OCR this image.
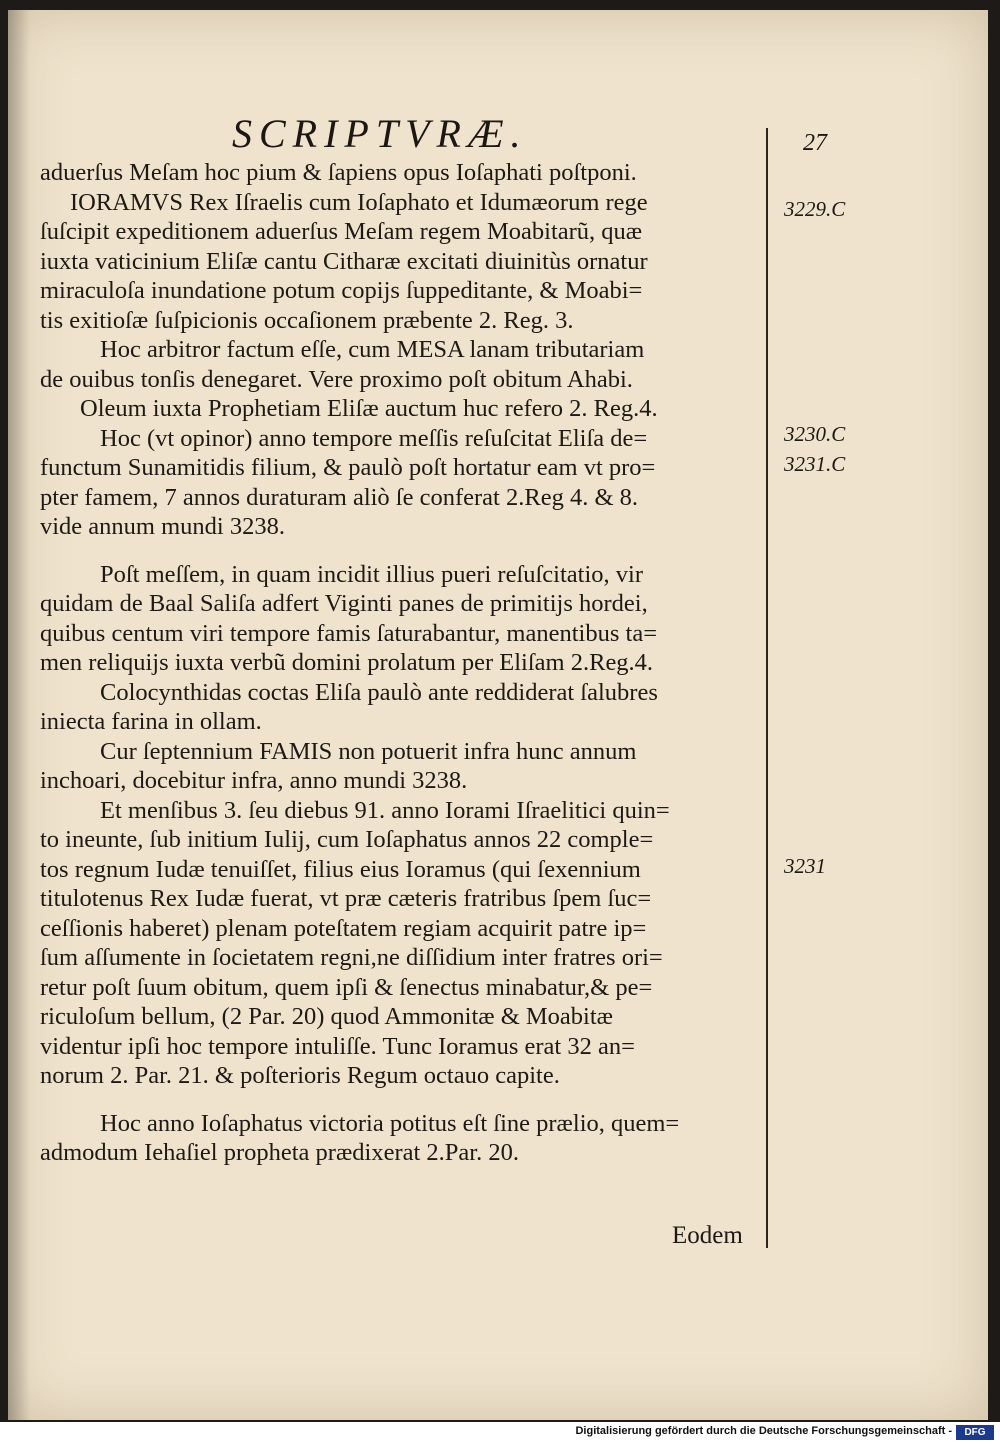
SCRIPTVRÆ.	27
aduerſus Meſam hoc pium & ſapiens opus Ioſaphati poſtponi.
IORAMVS Rex Iſraelis cum Ioſaphato et Idumæorum rege
ſuſcipit expeditionem aduerſus Meſam regem Moabitarũ, quæ
iuxta vaticinium Eliſæ cantu Citharæ excitati diuinitùs ornatur
miraculoſa inundatione potum copijs ſuppeditante, & Moabi=
tis exitioſæ ſuſpicionis occaſionem præbente 2. Reg. 3.
Hoc arbitror factum eſſe, cum MESA lanam tributariam
de ouibus tonſis denegaret. Vere proximo poſt obitum Ahabi.
Oleum iuxta Prophetiam Eliſæ auctum huc refero 2. Reg.4.
Hoc (vt opinor) anno tempore meſſis reſuſcitat Eliſa de=
functum Sunamitidis filium, & paulò poſt hortatur eam vt pro=
pter famem, 7 annos duraturam aliò ſe conferat 2.Reg 4. & 8.
vide annum mundi 3238.
Poſt meſſem, in quam incidit illius pueri reſuſcitatio, vir
quidam de Baal Saliſa adfert Viginti panes de primitijs hordei,
quibus centum viri tempore famis ſaturabantur, manentibus ta=
men reliquijs iuxta verbũ domini prolatum per Eliſam 2.Reg.4.
Colocynthidas coctas Eliſa paulò ante reddiderat ſalubres
iniecta farina in ollam.
Cur ſeptennium FAMIS non potuerit infra hunc annum
inchoari, docebitur infra, anno mundi 3238.
Et menſibus 3. ſeu diebus 91. anno Iorami Iſraelitici quin=
to ineunte, ſub initium Iulij, cum Ioſaphatus annos 22 comple=
tos regnum Iudæ tenuiſſet, filius eius Ioramus (qui ſexennium
titulotenus Rex Iudæ fuerat, vt præ cæteris fratribus ſpem ſuc=
ceſſionis haberet) plenam poteſtatem regiam acquirit patre ip=
ſum aſſumente in ſocietatem regni,ne diſſidium inter fratres ori=
retur poſt ſuum obitum, quem ipſi & ſenectus minabatur,& pe=
riculoſum bellum, (2 Par. 20) quod Ammonitæ & Moabitæ
videntur ipſi hoc tempore intuliſſe. Tunc Ioramus erat 32 an=
norum 2. Par. 21. & poſterioris Regum octauo capite.
Hoc anno Ioſaphatus victoria potitus eſt ſine prælio, quem=
admodum Iehaſiel propheta prædixerat 2.Par. 20.
3229.C
3230.C
3231.C
3231
Eodem
Digitalisierung gefördert durch die Deutsche Forschungsgemeinschaft -	DFG
